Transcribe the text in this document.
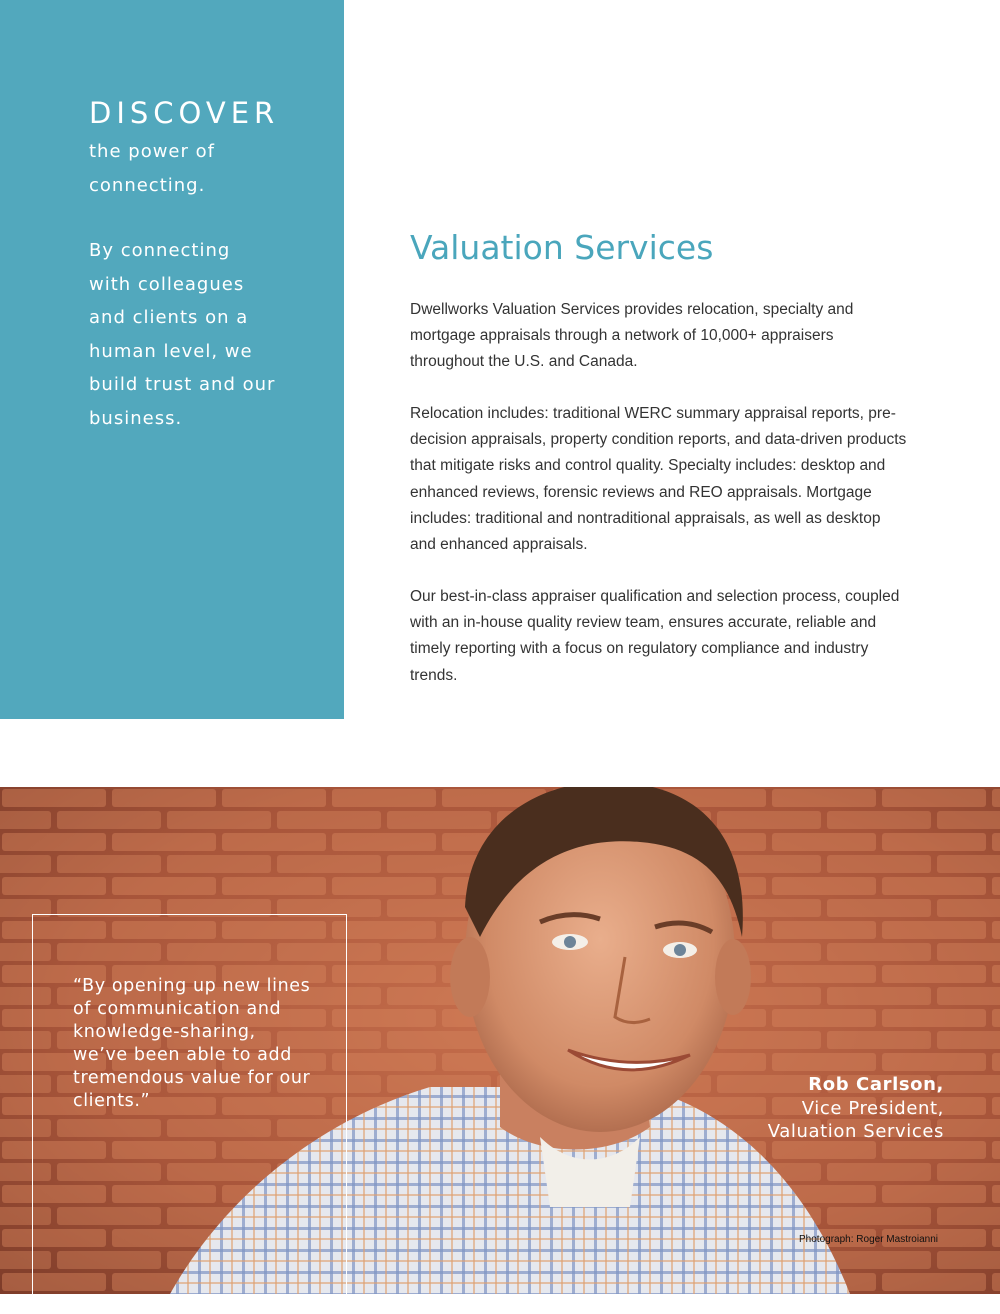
DISCOVER
the power of
connecting.
By connecting
with colleagues
and clients on a
human level, we
build trust and our
business.
Valuation Services

Dwellworks Valuation Services provides relocation, specialty and mortgage appraisals through a network of 10,000+ appraisers throughout the U.S. and Canada.

Relocation includes: traditional WERC summary appraisal reports, pre-decision appraisals, property condition reports, and data-driven products that mitigate risks and control quality. Specialty includes: desktop and enhanced reviews, forensic reviews and REO appraisals. Mortgage includes: traditional and nontraditional appraisals, as well as desktop and enhanced appraisals.

Our best-in-class appraiser qualification and selection process, coupled with an in-house quality review team, ensures accurate, reliable and timely reporting with a focus on regulatory compliance and industry trends.

“By opening up new lines of communication and knowledge-sharing, we’ve been able to add tremendous value for our clients.”
Rob Carlson,
Vice President,
Valuation Services
Photograph: Roger Mastroianni
